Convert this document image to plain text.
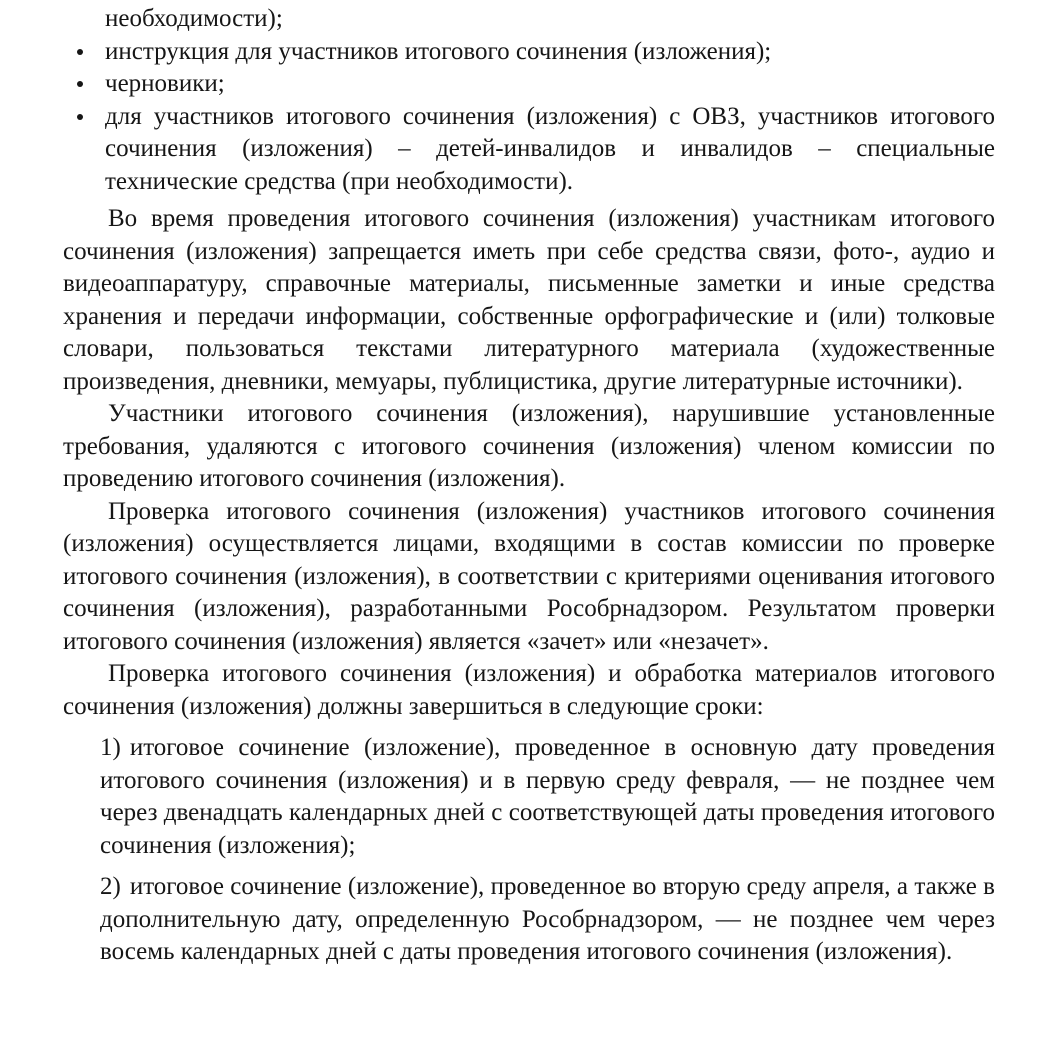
необходимости);
инструкция для участников итогового сочинения (изложения);
черновики;
для участников итогового сочинения (изложения) с ОВЗ, участников итогового сочинения (изложения) – детей-инвалидов и инвалидов – специальные технические средства (при необходимости).

Во время проведения итогового сочинения (изложения) участникам итогового сочинения (изложения) запрещается иметь при себе средства связи, фото-, аудио и видеоаппаратуру, справочные материалы, письменные заметки и иные средства хранения и передачи информации, собственные орфографические и (или) толковые словари, пользоваться текстами литературного материала (художественные произведения, дневники, мемуары, публицистика, другие литературные источники).

Участники итогового сочинения (изложения), нарушившие установленные требования, удаляются с итогового сочинения (изложения) членом комиссии по проведению итогового сочинения (изложения).

Проверка итогового сочинения (изложения) участников итогового сочинения (изложения) осуществляется лицами, входящими в состав комиссии по проверке итогового сочинения (изложения), в соответствии с критериями оценивания итогового сочинения (изложения), разработанными Рособрнадзором. Результатом проверки итогового сочинения (изложения) является «зачет» или «незачет».

Проверка итогового сочинения (изложения) и обработка материалов итогового сочинения (изложения) должны завершиться в следующие сроки:

1) итоговое сочинение (изложение), проведенное в основную дату проведения итогового сочинения (изложения) и в первую среду февраля, — не позднее чем через двенадцать календарных дней с соответствующей даты проведения итогового сочинения (изложения);
2) итоговое сочинение (изложение), проведенное во вторую среду апреля, а также в дополнительную дату, определенную Рособрнадзором, — не позднее чем через восемь календарных дней с даты проведения итогового сочинения (изложения).
